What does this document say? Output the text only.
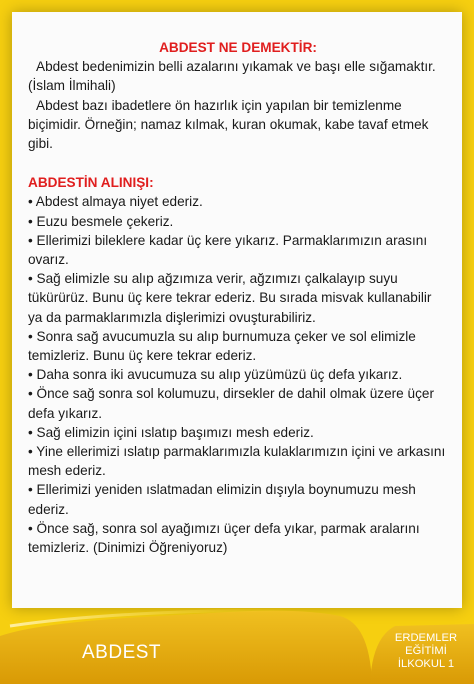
ABDEST NE DEMEKTİR:

Abdest bedenimizin belli azalarını yıkamak ve başı elle sığamaktır. (İslam İlmihali)

Abdest bazı ibadetlere ön hazırlık için yapılan bir temizlenme biçimidir. Örneğin; namaz kılmak, kuran okumak, kabe tavaf etmek gibi.

ABDESTİN ALINIŞI:

• Abdest almaya niyet ederiz.
• Euzu besmele çekeriz.
• Ellerimizi bileklere kadar üç kere yıkarız. Parmaklarımızın arasını ovarız.
• Sağ elimizle su alıp ağzımıza verir, ağzımızı çalkalayıp suyu tükürürüz. Bunu üç kere tekrar ederiz. Bu sırada misvak kullanabilir ya da parmaklarımızla dişlerimizi ovuşturabiliriz.
• Sonra sağ avucumuzla su alıp burnumuza çeker ve sol elimizle temizleriz. Bunu üç kere tekrar ederiz.
• Daha sonra iki avucumuza su alıp yüzümüzü üç defa yıkarız.
• Önce sağ sonra sol kolumuzu, dirsekler de dahil olmak üzere üçer defa yıkarız.
• Sağ elimizin içini ıslatıp başımızı mesh ederiz.
• Yine ellerimizi ıslatıp parmaklarımızla kulaklarımızın içini ve arkasını mesh ederiz.
• Ellerimizi yeniden ıslatmadan elimizin dışıyla boynumuzu mesh ederiz.
• Önce sağ, sonra sol ayağımızı üçer defa yıkar, parmak aralarını temizleriz. (Dinimizi Öğreniyoruz)
ABDEST
ERDEMLER
EĞİTİMİ
İLKOKUL 1
